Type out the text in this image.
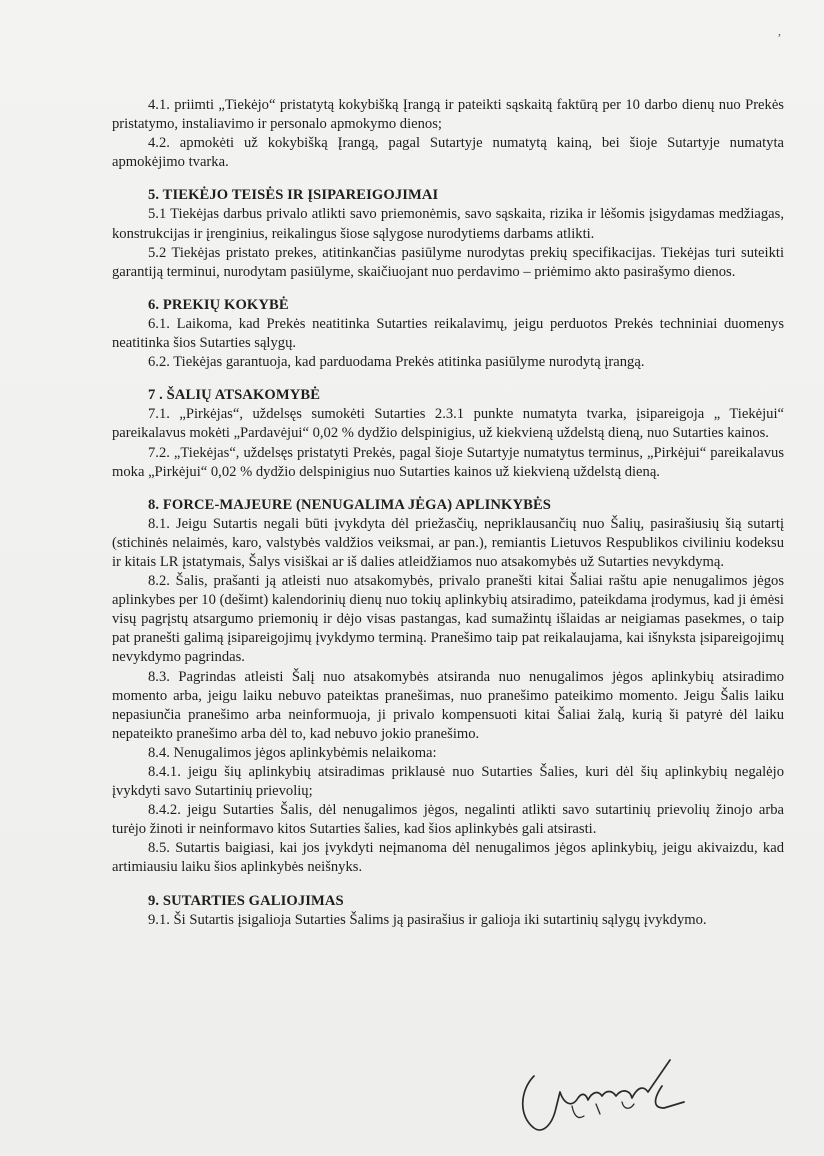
,

4.1. priimti „Tiekėjo“ pristatytą kokybišką Įrangą ir pateikti sąskaitą faktūrą per 10 darbo dienų nuo Prekės pristatymo, instaliavimo ir personalo apmokymo dienos;

4.2. apmokėti už kokybišką Įrangą, pagal Sutartyje numatytą kainą, bei šioje Sutartyje numatyta apmokėjimo tvarka.

5. TIEKĖJO TEISĖS IR ĮSIPAREIGOJIMAI

5.1 Tiekėjas darbus privalo atlikti savo priemonėmis, savo sąskaita, rizika ir lėšomis įsigydamas medžiagas, konstrukcijas ir įrenginius, reikalingus šiose sąlygose nurodytiems darbams atlikti.

5.2 Tiekėjas pristato prekes, atitinkančias pasiūlyme nurodytas prekių specifikacijas. Tiekėjas turi suteikti garantiją terminui, nurodytam pasiūlyme, skaičiuojant nuo perdavimo – priėmimo akto pasirašymo dienos.

6. PREKIŲ KOKYBĖ

6.1. Laikoma, kad Prekės neatitinka Sutarties reikalavimų, jeigu perduotos Prekės techniniai duomenys neatitinka šios Sutarties sąlygų.

6.2. Tiekėjas garantuoja, kad parduodama Prekės atitinka pasiūlyme nurodytą įrangą.

7 . ŠALIŲ ATSAKOMYBĖ

7.1. „Pirkėjas“, uždelsęs sumokėti Sutarties 2.3.1 punkte numatyta tvarka, įsipareigoja „ Tiekėjui“ pareikalavus mokėti „Pardavėjui“ 0,02 % dydžio delspinigius, už kiekvieną uždelstą dieną, nuo Sutarties kainos.

7.2. „Tiekėjas“, uždelsęs pristatyti Prekės, pagal šioje Sutartyje numatytus terminus, „Pirkėjui“ pareikalavus moka „Pirkėjui“ 0,02 % dydžio delspinigius nuo Sutarties kainos už kiekvieną uždelstą dieną.

8. FORCE-MAJEURE (NENUGALIMA JĖGA) APLINKYBĖS

8.1. Jeigu Sutartis negali būti įvykdyta dėl priežasčių, nepriklausančių nuo Šalių, pasirašiusių šią sutartį (stichinės nelaimės, karo, valstybės valdžios veiksmai, ar pan.), remiantis Lietuvos Respublikos civiliniu kodeksu ir kitais LR įstatymais, Šalys visiškai ar iš dalies atleidžiamos nuo atsakomybės už Sutarties nevykdymą.

8.2. Šalis, prašanti ją atleisti nuo atsakomybės, privalo pranešti kitai Šaliai raštu apie nenugalimos jėgos aplinkybes per 10 (dešimt) kalendorinių dienų nuo tokių aplinkybių atsiradimo, pateikdama įrodymus, kad ji ėmėsi visų pagrįstų atsargumo priemonių ir dėjo visas pastangas, kad sumažintų išlaidas ar neigiamas pasekmes, o taip pat pranešti galimą įsipareigojimų įvykdymo terminą. Pranešimo taip pat reikalaujama, kai išnyksta įsipareigojimų nevykdymo pagrindas.

8.3. Pagrindas atleisti Šalį nuo atsakomybės atsiranda nuo nenugalimos jėgos aplinkybių atsiradimo momento arba, jeigu laiku nebuvo pateiktas pranešimas, nuo pranešimo pateikimo momento. Jeigu Šalis laiku nepasiunčia pranešimo arba neinformuoja, ji privalo kompensuoti kitai Šaliai žalą, kurią ši patyrė dėl laiku nepateikto pranešimo arba dėl to, kad nebuvo jokio pranešimo.

8.4. Nenugalimos jėgos aplinkybėmis nelaikoma:

8.4.1. jeigu šių aplinkybių atsiradimas priklausė nuo Sutarties Šalies, kuri dėl šių aplinkybių negalėjo įvykdyti savo Sutartinių prievolių;

8.4.2. jeigu Sutarties Šalis, dėl nenugalimos jėgos, negalinti atlikti savo sutartinių prievolių žinojo arba turėjo žinoti ir neinformavo kitos Sutarties šalies, kad šios aplinkybės gali atsirasti.

8.5. Sutartis baigiasi, kai jos įvykdyti neįmanoma dėl nenugalimos jėgos aplinkybių, jeigu akivaizdu, kad artimiausiu laiku šios aplinkybės neišnyks.

9. SUTARTIES GALIOJIMAS

9.1. Ši Sutartis įsigalioja Sutarties Šalims ją pasirašius ir galioja iki sutartinių sąlygų įvykdymo.
